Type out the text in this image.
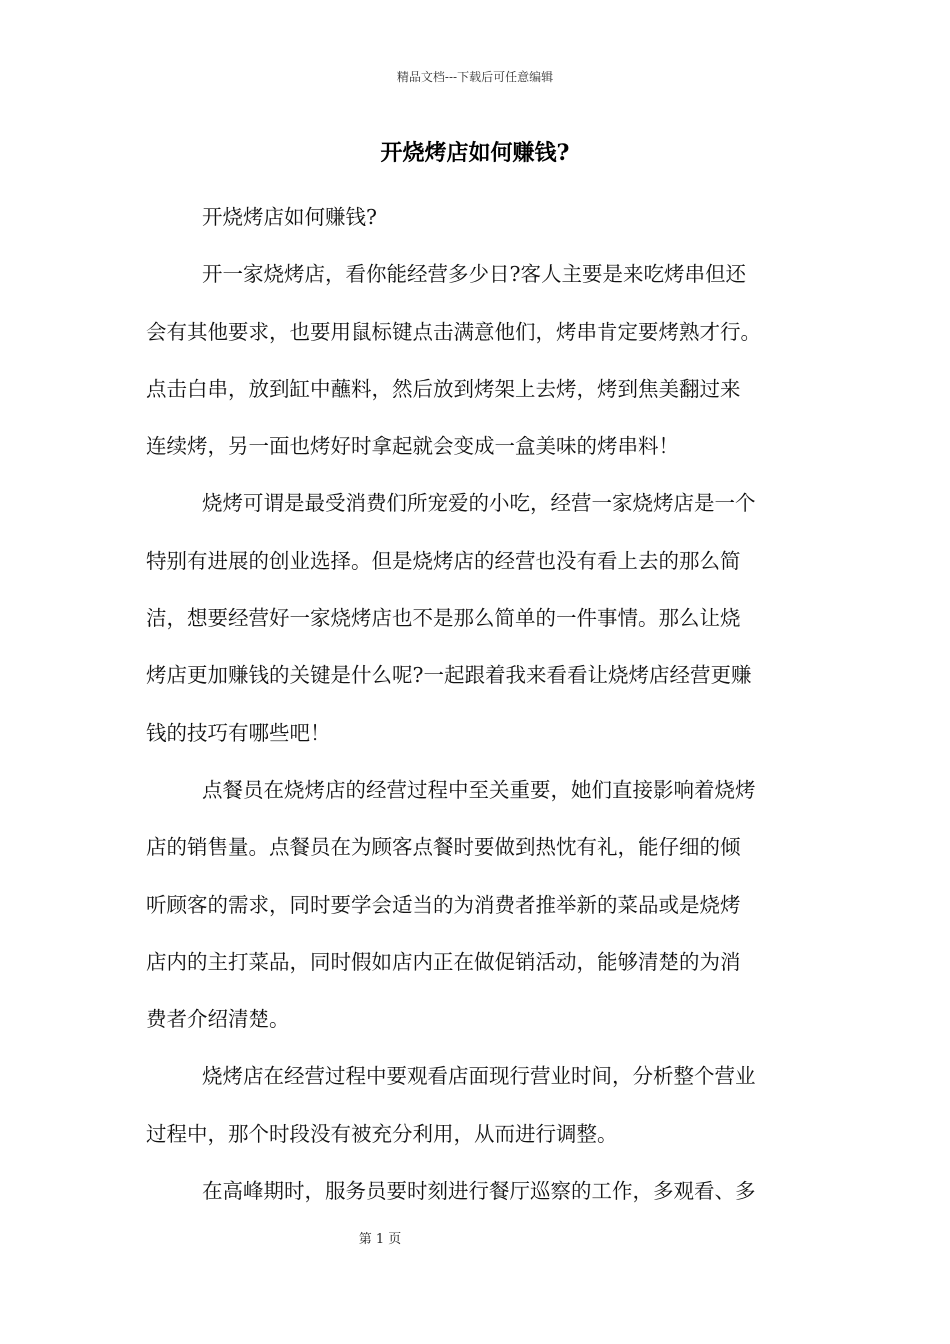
精品文档---下载后可任意编辑
开烧烤店如何赚钱?
开烧烤店如何赚钱?
开一家烧烤店，看你能经营多少日?客人主要是来吃烤串但还
会有其他要求，也要用鼠标键点击满意他们，烤串肯定要烤熟才行。
点击白串，放到缸中蘸料，然后放到烤架上去烤，烤到焦美翻过来
连续烤，另一面也烤好时拿起就会变成一盒美味的烤串料！
烧烤可谓是最受消费们所宠爱的小吃，经营一家烧烤店是一个
特别有进展的创业选择。但是烧烤店的经营也没有看上去的那么简
洁，想要经营好一家烧烤店也不是那么简单的一件事情。那么让烧
烤店更加赚钱的关键是什么呢?一起跟着我来看看让烧烤店经营更赚
钱的技巧有哪些吧！
点餐员在烧烤店的经营过程中至关重要，她们直接影响着烧烤
店的销售量。点餐员在为顾客点餐时要做到热忱有礼，能仔细的倾
听顾客的需求，同时要学会适当的为消费者推举新的菜品或是烧烤
店内的主打菜品，同时假如店内正在做促销活动，能够清楚的为消
费者介绍清楚。
烧烤店在经营过程中要观看店面现行营业时间，分析整个营业
过程中，那个时段没有被充分利用，从而进行调整。
在高峰期时，服务员要时刻进行餐厅巡察的工作，多观看、多
第 1 页
